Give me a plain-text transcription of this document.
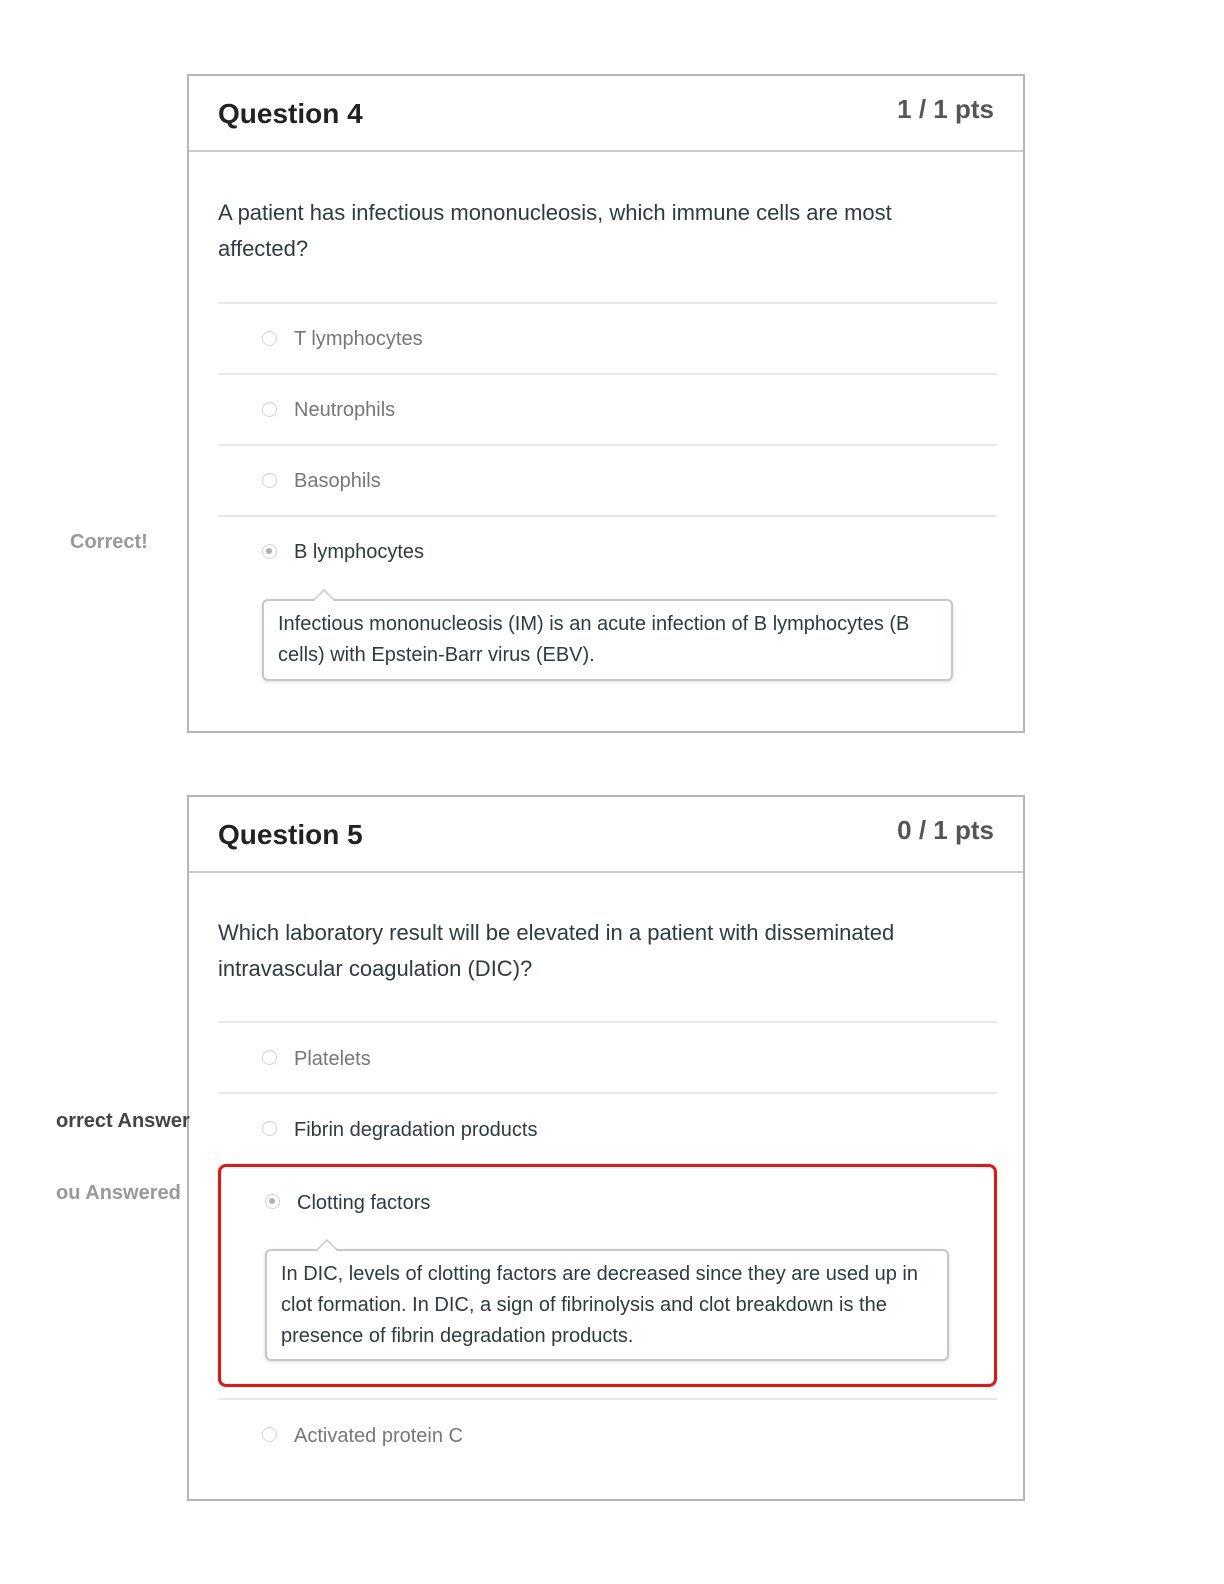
Question 4	1 / 1 pts
A patient has infectious mononucleosis, which immune cells are most affected?
T lymphocytes
Neutrophils
Basophils
B lymphocytes
Infectious mononucleosis (IM) is an acute infection of B lymphocytes (B cells) with Epstein-Barr virus (EBV).
Correct!
Question 5	0 / 1 pts
Which laboratory result will be elevated in a patient with disseminated intravascular coagulation (DIC)?
Platelets
Fibrin degradation products
Clotting factors
In DIC, levels of clotting factors are decreased since they are used up in clot formation. In DIC, a sign of fibrinolysis and clot breakdown is the presence of fibrin degradation products.
Activated protein C
orrect Answer
ou Answered
